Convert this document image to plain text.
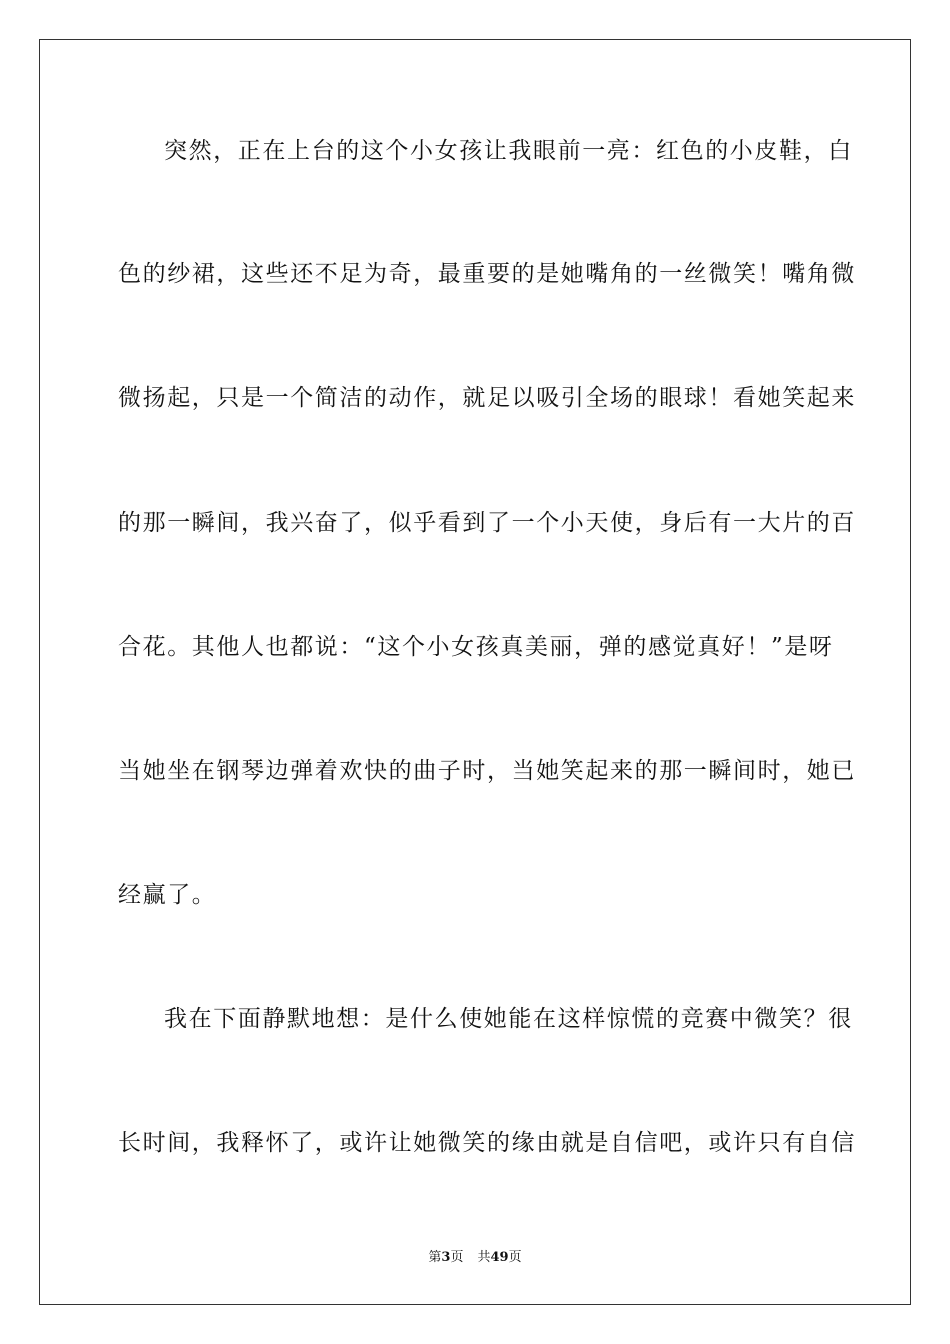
突然，正在上台的这个小女孩让我眼前一亮：红色的小皮鞋，白
色的纱裙，这些还不足为奇，最重要的是她嘴角的一丝微笑！嘴角微
微扬起，只是一个简洁的动作，就足以吸引全场的眼球！看她笑起来
的那一瞬间，我兴奋了，似乎看到了一个小天使，身后有一大片的百
合花。其他人也都说：“这个小女孩真美丽，弹的感觉真好！”是呀
当她坐在钢琴边弹着欢快的曲子时，当她笑起来的那一瞬间时，她已
经赢了。
我在下面静默地想：是什么使她能在这样惊慌的竞赛中微笑？很
长时间，我释怀了，或许让她微笑的缘由就是自信吧，或许只有自信
第3页 共49页
